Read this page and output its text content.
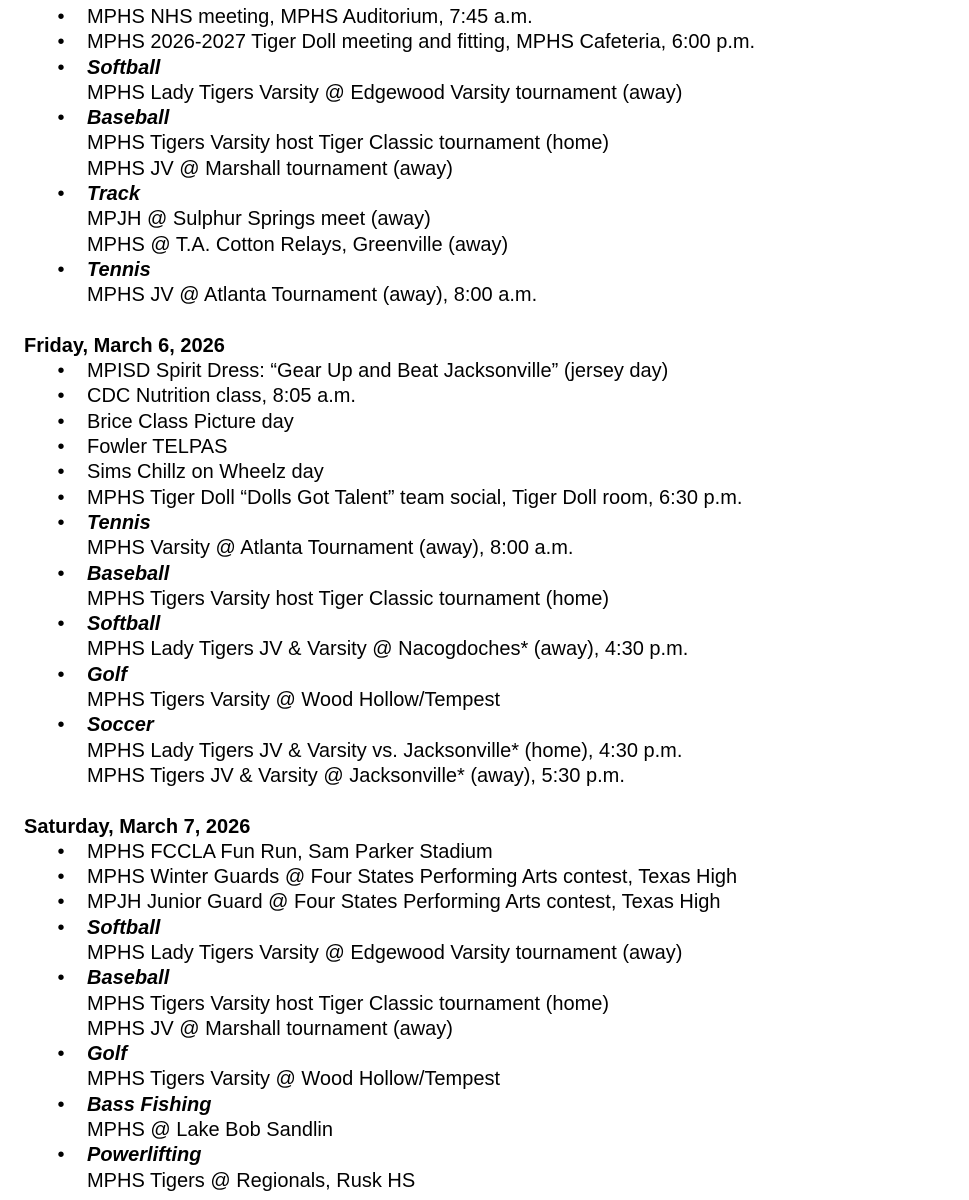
• MPHS NHS meeting, MPHS Auditorium, 7:45 a.m.
• MPHS 2026-2027 Tiger Doll meeting and fitting, MPHS Cafeteria, 6:00 p.m.
• Softball
MPHS Lady Tigers Varsity @ Edgewood Varsity tournament (away)
• Baseball
MPHS Tigers Varsity host Tiger Classic tournament (home)
MPHS JV @ Marshall tournament (away)
• Track
MPJH @ Sulphur Springs meet (away)
MPHS @ T.A. Cotton Relays, Greenville (away)
• Tennis
MPHS JV @ Atlanta Tournament (away), 8:00 a.m.
Friday, March 6, 2026
• MPISD Spirit Dress: “Gear Up and Beat Jacksonville” (jersey day)
• CDC Nutrition class, 8:05 a.m.
• Brice Class Picture day
• Fowler TELPAS
• Sims Chillz on Wheelz day
• MPHS Tiger Doll “Dolls Got Talent” team social, Tiger Doll room, 6:30 p.m.
• Tennis
MPHS Varsity @ Atlanta Tournament (away), 8:00 a.m.
• Baseball
MPHS Tigers Varsity host Tiger Classic tournament (home)
• Softball
MPHS Lady Tigers JV & Varsity @ Nacogdoches* (away), 4:30 p.m.
• Golf
MPHS Tigers Varsity @ Wood Hollow/Tempest
• Soccer
MPHS Lady Tigers JV & Varsity vs. Jacksonville* (home), 4:30 p.m.
MPHS Tigers JV & Varsity @ Jacksonville* (away), 5:30 p.m.
Saturday, March 7, 2026
• MPHS FCCLA Fun Run, Sam Parker Stadium
• MPHS Winter Guards @ Four States Performing Arts contest, Texas High
• MPJH Junior Guard @ Four States Performing Arts contest, Texas High
• Softball
MPHS Lady Tigers Varsity @ Edgewood Varsity tournament (away)
• Baseball
MPHS Tigers Varsity host Tiger Classic tournament (home)
MPHS JV @ Marshall tournament (away)
• Golf
MPHS Tigers Varsity @ Wood Hollow/Tempest
• Bass Fishing
MPHS @ Lake Bob Sandlin
• Powerlifting
MPHS Tigers @ Regionals, Rusk HS
